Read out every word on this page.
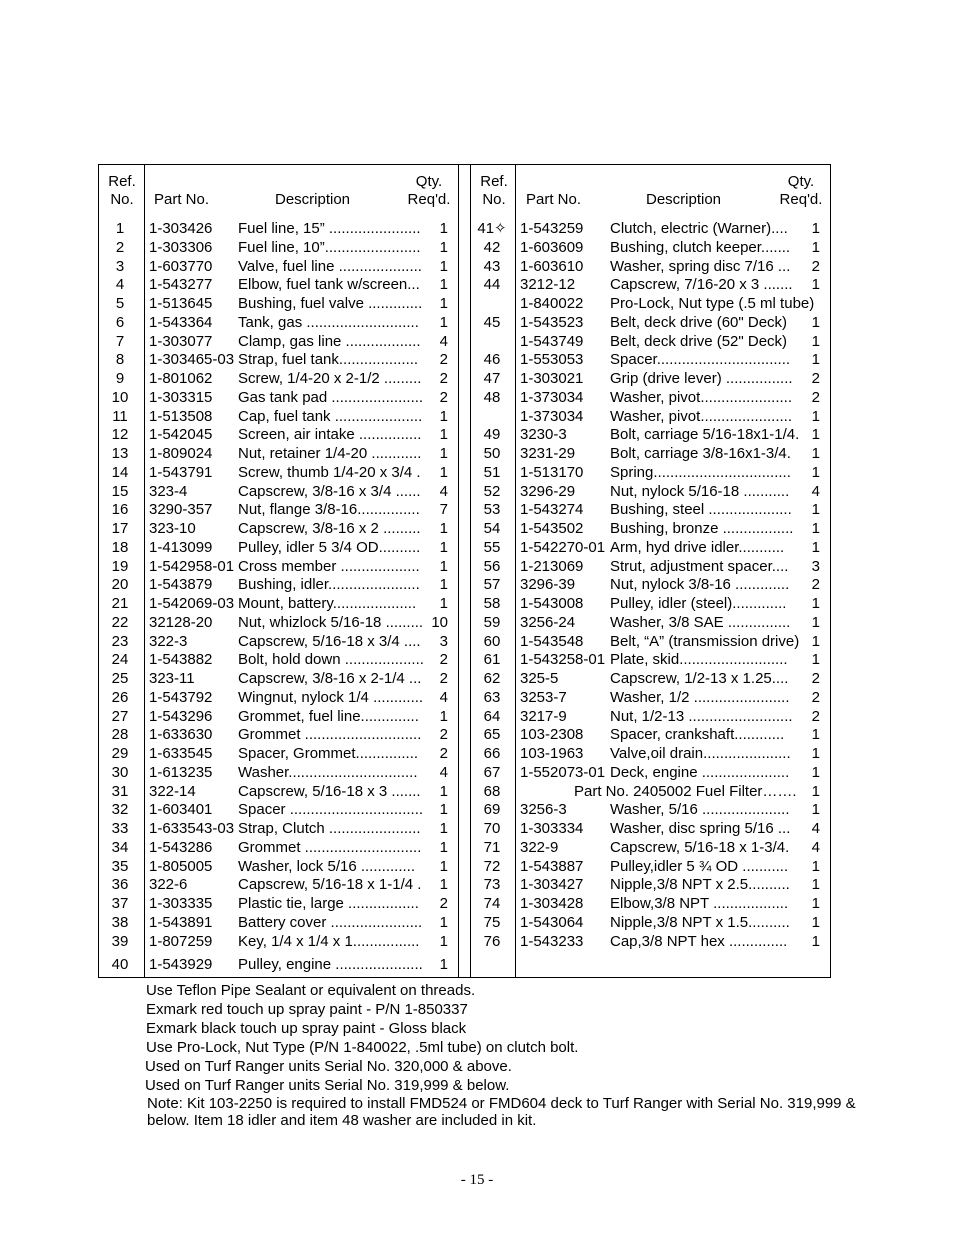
Ref.
No.	Part No.	Description
Qty.
Req'd.
Ref.
No.	Part No.	Description
Qty.
Req'd.
1	1-303426 Fuel line, 15” ......................	1
2	1-303306 Fuel line, 10”.......................	1
3	1-603770 Valve, fuel line ....................	1
4	1-543277 Elbow, fuel tank w/screen...	1
5	1-513645 Bushing, fuel valve .............	1
6	1-543364 Tank, gas ...........................	1
7	1-303077 Clamp, gas line ..................	4
8	1-303465-03 Strap, fuel tank...................	2
9	1-801062 Screw, 1/4-20 x 2-1/2 .........	2
10	1-303315 Gas tank pad ......................	2
11	1-513508 Cap, fuel tank .....................	1
12	1-542045 Screen, air intake ...............	1
13	1-809024 Nut, retainer 1/4-20 ............	1
14	1-543791 Screw, thumb 1/4-20 x 3/4 .	1
15	323-4	Capscrew, 3/8-16 x 3/4 ......	4
16	3290-357 Nut, flange 3/8-16...............	7
17	323-10	Capscrew, 3/8-16 x 2 .........	1
18	1-413099 Pulley, idler 5 3/4 OD..........	1
19	1-542958-01 Cross member ...................	1
20	1-543879 Bushing, idler......................	1
21	1-542069-03 Mount, battery....................	1
22	32128-20 Nut, whizlock 5/16-18 ......... 10
23	322-3	Capscrew, 5/16-18 x 3/4 ....	3
24	1-543882 Bolt, hold down ...................	2
25	323-11	Capscrew, 3/8-16 x 2-1/4 ...	2
26	1-543792 Wingnut, nylock 1/4 ............	4
27	1-543296 Grommet, fuel line..............	1
28	1-633630 Grommet ............................	2
29	1-633545 Spacer, Grommet...............	2
30	1-613235 Washer...............................	4
31	322-14	Capscrew, 5/16-18 x 3 .......	1
32	1-603401 Spacer ................................	1
33	1-633543-03 Strap, Clutch ......................	1
34	1-543286 Grommet ............................	1
35	1-805005 Washer, lock 5/16 .............	1
36	322-6	Capscrew, 5/16-18 x 1-1/4 .	1
37	1-303335 Plastic tie, large .................	2
38	1-543891 Battery cover ......................	1
39	1-807259 Key, 1/4 x 1/4 x 1................	1
40	1-543929 Pulley, engine .....................	1
41✧ 1-543259 Clutch, electric (Warner)....	1
42	1-603609 Bushing, clutch keeper.......	1
43	1-603610 Washer, spring disc 7/16 ...	2
44	3212-12 Capscrew, 7/16-20 x 3 .......	1
1-840022 Pro-Lock, Nut type (.5 ml tube)
45	1-543523 Belt, deck drive (60" Deck)	1
1-543749 Belt, deck drive (52" Deck)	1
46	1-553053 Spacer................................	1
47	1-303021 Grip (drive lever) ................	2
48	1-373034 Washer, pivot......................	2
1-373034 Washer, pivot......................	1
49	3230-3	Bolt, carriage 5/16-18x1-1/4. 1
50	3231-29 Bolt, carriage 3/8-16x1-3/4.	1
51	1-513170 Spring.................................	1
52	3296-29 Nut, nylock 5/16-18 ...........	4
53	1-543274 Bushing, steel ....................	1
54	1-543502 Bushing, bronze .................	1
55	1-542270-01 Arm, hyd drive idler...........	1
56	1-213069 Strut, adjustment spacer....	3
57	3296-39 Nut, nylock 3/8-16 .............	2
58	1-543008 Pulley, idler (steel).............	1
59	3256-24 Washer, 3/8 SAE ...............	1
60	1-543548 Belt, “A” (transmission drive) 1
61	1-543258-01 Plate, skid..........................	1
62	325-5	Capscrew, 1/2-13 x 1.25....	2
63	3253-7	Washer, 1/2 .......................	2
64	3217-9	Nut, 1/2-13 .........................	2
65	103-2308 Spacer, crankshaft............	1
66	103-1963 Valve,oil drain.....................	1
67	1-552073-01 Deck, engine .....................	1
68	Part No. 2405002 Fuel Filter…….	1
69	3256-3	Washer, 5/16 .....................	1
70	1-303334 Washer, disc spring 5/16 ...	4
71	322-9	Capscrew, 5/16-18 x 1-3/4.	4
72	1-543887 Pulley,idler 5 ¾ OD ...........	1
73	1-303427 Nipple,3/8 NPT x 2.5..........	1
74	1-303428 Elbow,3/8 NPT ..................	1
75	1-543064 Nipple,3/8 NPT x 1.5..........	1
76	1-543233 Cap,3/8 NPT hex ..............	1
Use Teflon Pipe Sealant or equivalent on threads.
Exmark red touch up spray paint - P/N 1-850337
Exmark black touch up spray paint - Gloss black
Use Pro-Lock, Nut Type (P/N 1-840022, .5ml tube) on clutch bolt.
Used on Turf Ranger units Serial No. 320,000 & above.
Used on Turf Ranger units Serial No. 319,999 & below.
Note: Kit 103-2250 is required to install FMD524 or FMD604 deck to Turf Ranger with Serial No. 319,999 & below. Item 18 idler and item 48 washer are included in kit.
- 15 -
